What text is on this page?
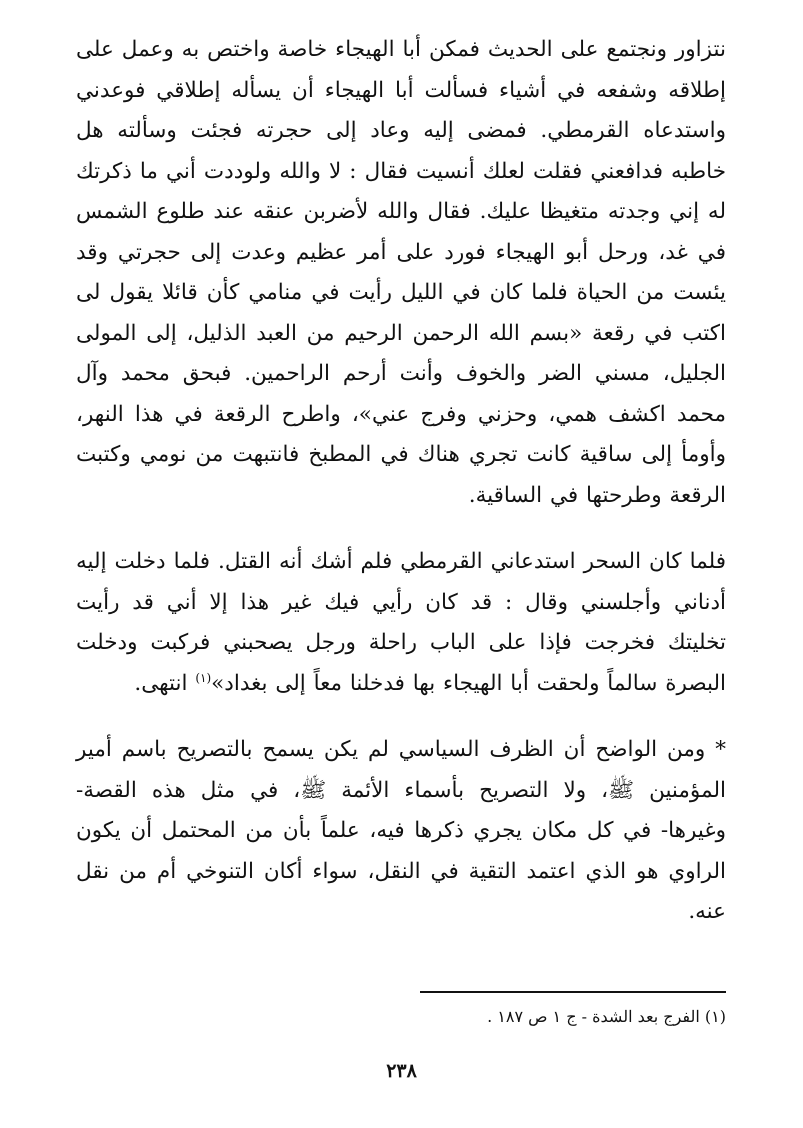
نتزاور ونجتمع على الحديث فمكن أبا الهيجاء خاصة واختص به وعمل على إطلاقه وشفعه في أشياء فسألت أبا الهيجاء أن يسأله إطلاقي فوعدني واستدعاه القرمطي. فمضى إليه وعاد إلى حجرته فجئت وسألته هل خاطبه فدافعني فقلت لعلك أنسيت فقال : لا والله ولوددت أني ما ذكرتك له إني وجدته متغيظا عليك. فقال والله لأضربن عنقه عند طلوع الشمس في غد، ورحل أبو الهيجاء فورد على أمر عظيم وعدت إلى حجرتي وقد يئست من الحياة فلما كان في الليل رأيت في منامي كأن قائلا يقول لى اكتب في رقعة «بسم الله الرحمن الرحيم من العبد الذليل، إلى المولى الجليل، مسني الضر والخوف وأنت أرحم الراحمين. فبحق محمد وآل محمد اكشف همي، وحزني وفرج عني»، واطرح الرقعة في هذا النهر، وأومأ إلى ساقية كانت تجري هناك في المطبخ فانتبهت من نومي وكتبت الرقعة وطرحتها في الساقية.

فلما كان السحر استدعاني القرمطي فلم أشك أنه القتل. فلما دخلت إليه أدناني وأجلسني وقال : قد كان رأيي فيك غير هذا إلا أني قد رأيت تخليتك فخرجت فإذا على الباب راحلة ورجل يصحبني فركبت ودخلت البصرة سالماً ولحقت أبا الهيجاء بها فدخلنا معاً إلى بغداد»$^{(١)}$ انتهى.

* ومن الواضح أن الظرف السياسي لم يكن يسمح بالتصريح باسم أمير المؤمنين ﷺ، ولا التصريح بأسماء الأئمة ﷺ، في مثل هذه القصة- وغيرها- في كل مكان يجري ذكرها فيه، علماً بأن من المحتمل أن يكون الراوي هو الذي اعتمد التقية في النقل، سواء أكان التنوخي أم من نقل عنه.

(١) الفرج بعد الشدة - ج ١ ص ١٨٧ .
٢٣٨
